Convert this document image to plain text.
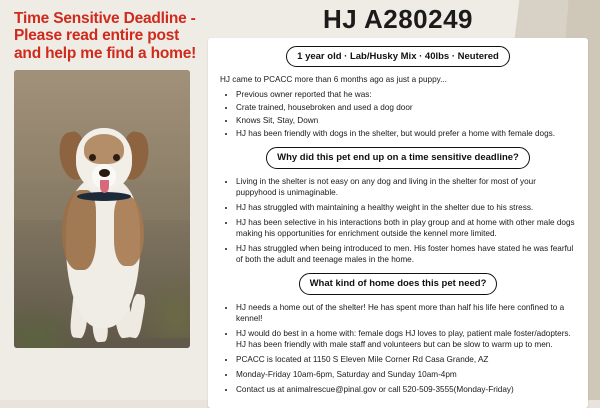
Time Sensitive Deadline - Please read entire post and help me find a home!
HJ A280249
1 year old · Lab/Husky Mix · 40lbs · Neutered

HJ came to PCACC more than 6 months ago as just a puppy...

• Previous owner reported that he was:
• Crate trained, housebroken and used a dog door
• Knows Sit, Stay, Down
• HJ has been friendly with dogs in the shelter, but would prefer a home with female dogs.
Why did this pet end up on a time sensitive deadline?
• Living in the shelter is not easy on any dog and living in the shelter for most of your puppyhood is unimaginable.
• HJ has struggled with maintaining a healthy weight in the shelter due to his stress.
• HJ has been selective in his interactions both in play group and at home with other male dogs making his opportunities for enrichment outside the kennel more limited.
• HJ has struggled when being introduced to men. His foster homes have stated he was fearful of both the adult and teenage males in the home.
What kind of home does this pet need?
• HJ needs a home out of the shelter! He has spent more than half his life here confined to a kennel!
• HJ would do best in a home with: female dogs HJ loves to play, patient male foster/adopters. HJ has been friendly with male staff and volunteers but can be slow to warm up to men.
• PCACC is located at 1150 S Eleven Mile Corner Rd Casa Grande, AZ
• Monday-Friday 10am-6pm, Saturday and Sunday 10am-4pm
• Contact us at animalrescue@pinal.gov or call 520-509-3555(Monday-Friday)
